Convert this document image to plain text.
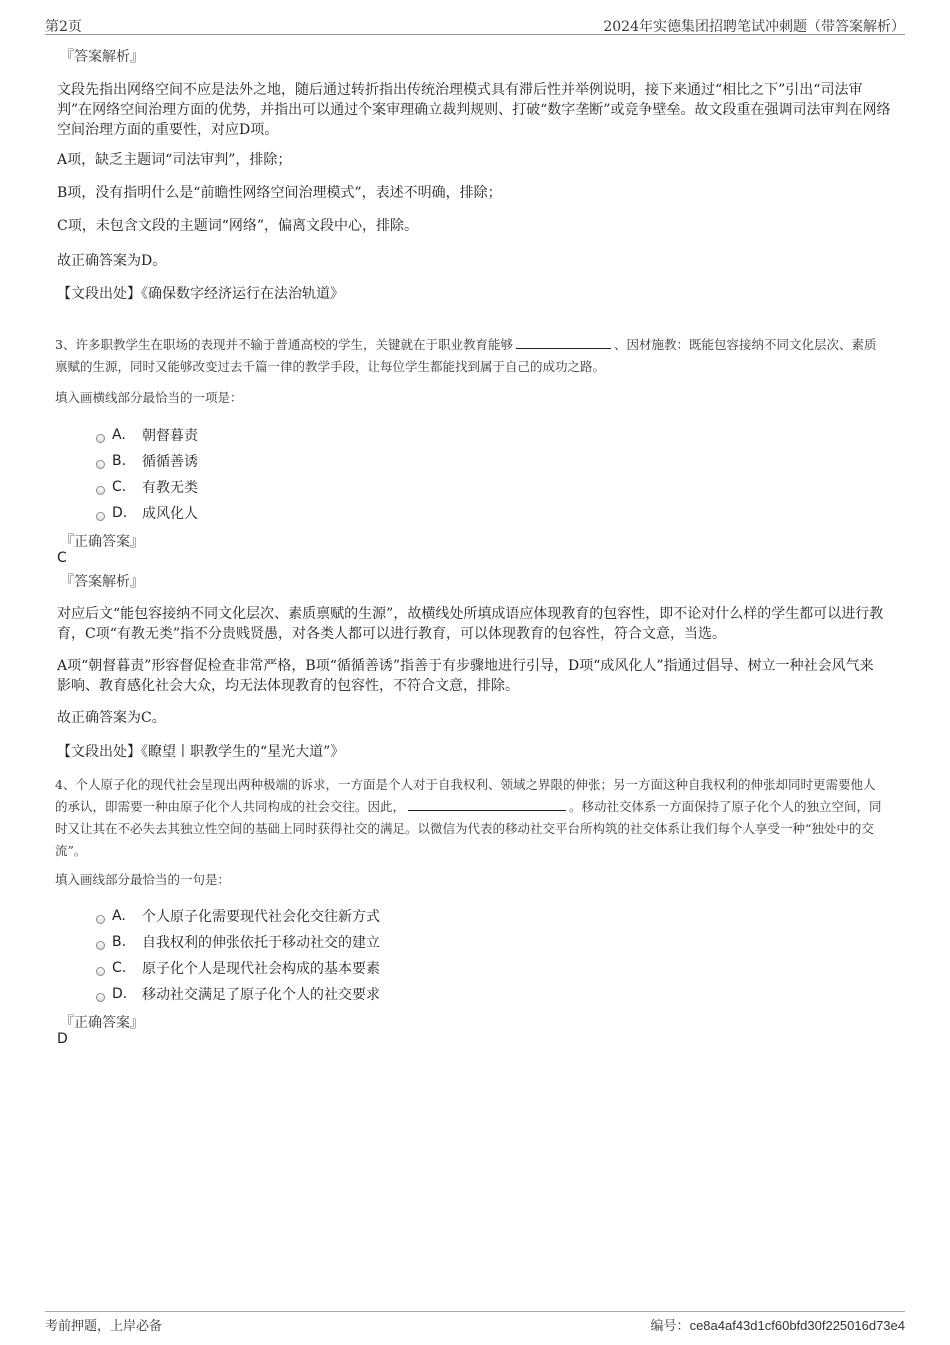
第2页	2024年实德集团招聘笔试冲刺题（带答案解析）
『答案解析』
文段先指出网络空间不应是法外之地，随后通过转折指出传统治理模式具有滞后性并举例说明，接下来通过“相比之下”引出“司法审判”在网络空间治理方面的优势，并指出可以通过个案审理确立裁判规则、打破“数字垄断”或竞争壁垒。故文段重在强调司法审判在网络空间治理方面的重要性，对应D项。
A项，缺乏主题词“司法审判”，排除；
B项，没有指明什么是“前瞻性网络空间治理模式”，表述不明确，排除；
C项，未包含文段的主题词“网络”，偏离文段中心，排除。
故正确答案为D。
【文段出处】《确保数字经济运行在法治轨道》
3、许多职教学生在职场的表现并不输于普通高校的学生，关键就在于职业教育能够	、因材施教：既能包容接纳不同文化层次、素质禀赋的生源，同时又能够改变过去千篇一律的教学手段，让每位学生都能找到属于自己的成功之路。
填入画横线部分最恰当的一项是：
A.	朝督暮责
B.	循循善诱
C.	有教无类
D.	成风化人
『正确答案』
C
『答案解析』
对应后文“能包容接纳不同文化层次、素质禀赋的生源”，故横线处所填成语应体现教育的包容性，即不论对什么样的学生都可以进行教育，C项“有教无类”指不分贵贱贤愚，对各类人都可以进行教育，可以体现教育的包容性，符合文意，当选。
A项“朝督暮责”形容督促检查非常严格，B项“循循善诱”指善于有步骤地进行引导，D项“成风化人”指通过倡导、树立一种社会风气来影响、教育感化社会大众，均无法体现教育的包容性，不符合文意，排除。
故正确答案为C。
【文段出处】《瞭望丨职教学生的“星光大道”》
4、个人原子化的现代社会呈现出两种极端的诉求，一方面是个人对于自我权利、领域之界限的伸张；另一方面这种自我权利的伸张却同时更需要他人的承认，即需要一种由原子化个人共同构成的社会交往。因此，	。移动社交体系一方面保持了原子化个人的独立空间，同时又让其在不必失去其独立性空间的基础上同时获得社交的满足。以微信为代表的移动社交平台所构筑的社交体系让我们每个人享受一种“独处中的交流”。
填入画线部分最恰当的一句是：
A.	个人原子化需要现代社会化交往新方式
B.	自我权利的伸张依托于移动社交的建立
C.	原子化个人是现代社会构成的基本要素
D.	移动社交满足了原子化个人的社交要求
『正确答案』
D
考前押题，上岸必备	编号：ce8a4af43d1cf60bfd30f225016d73e4
